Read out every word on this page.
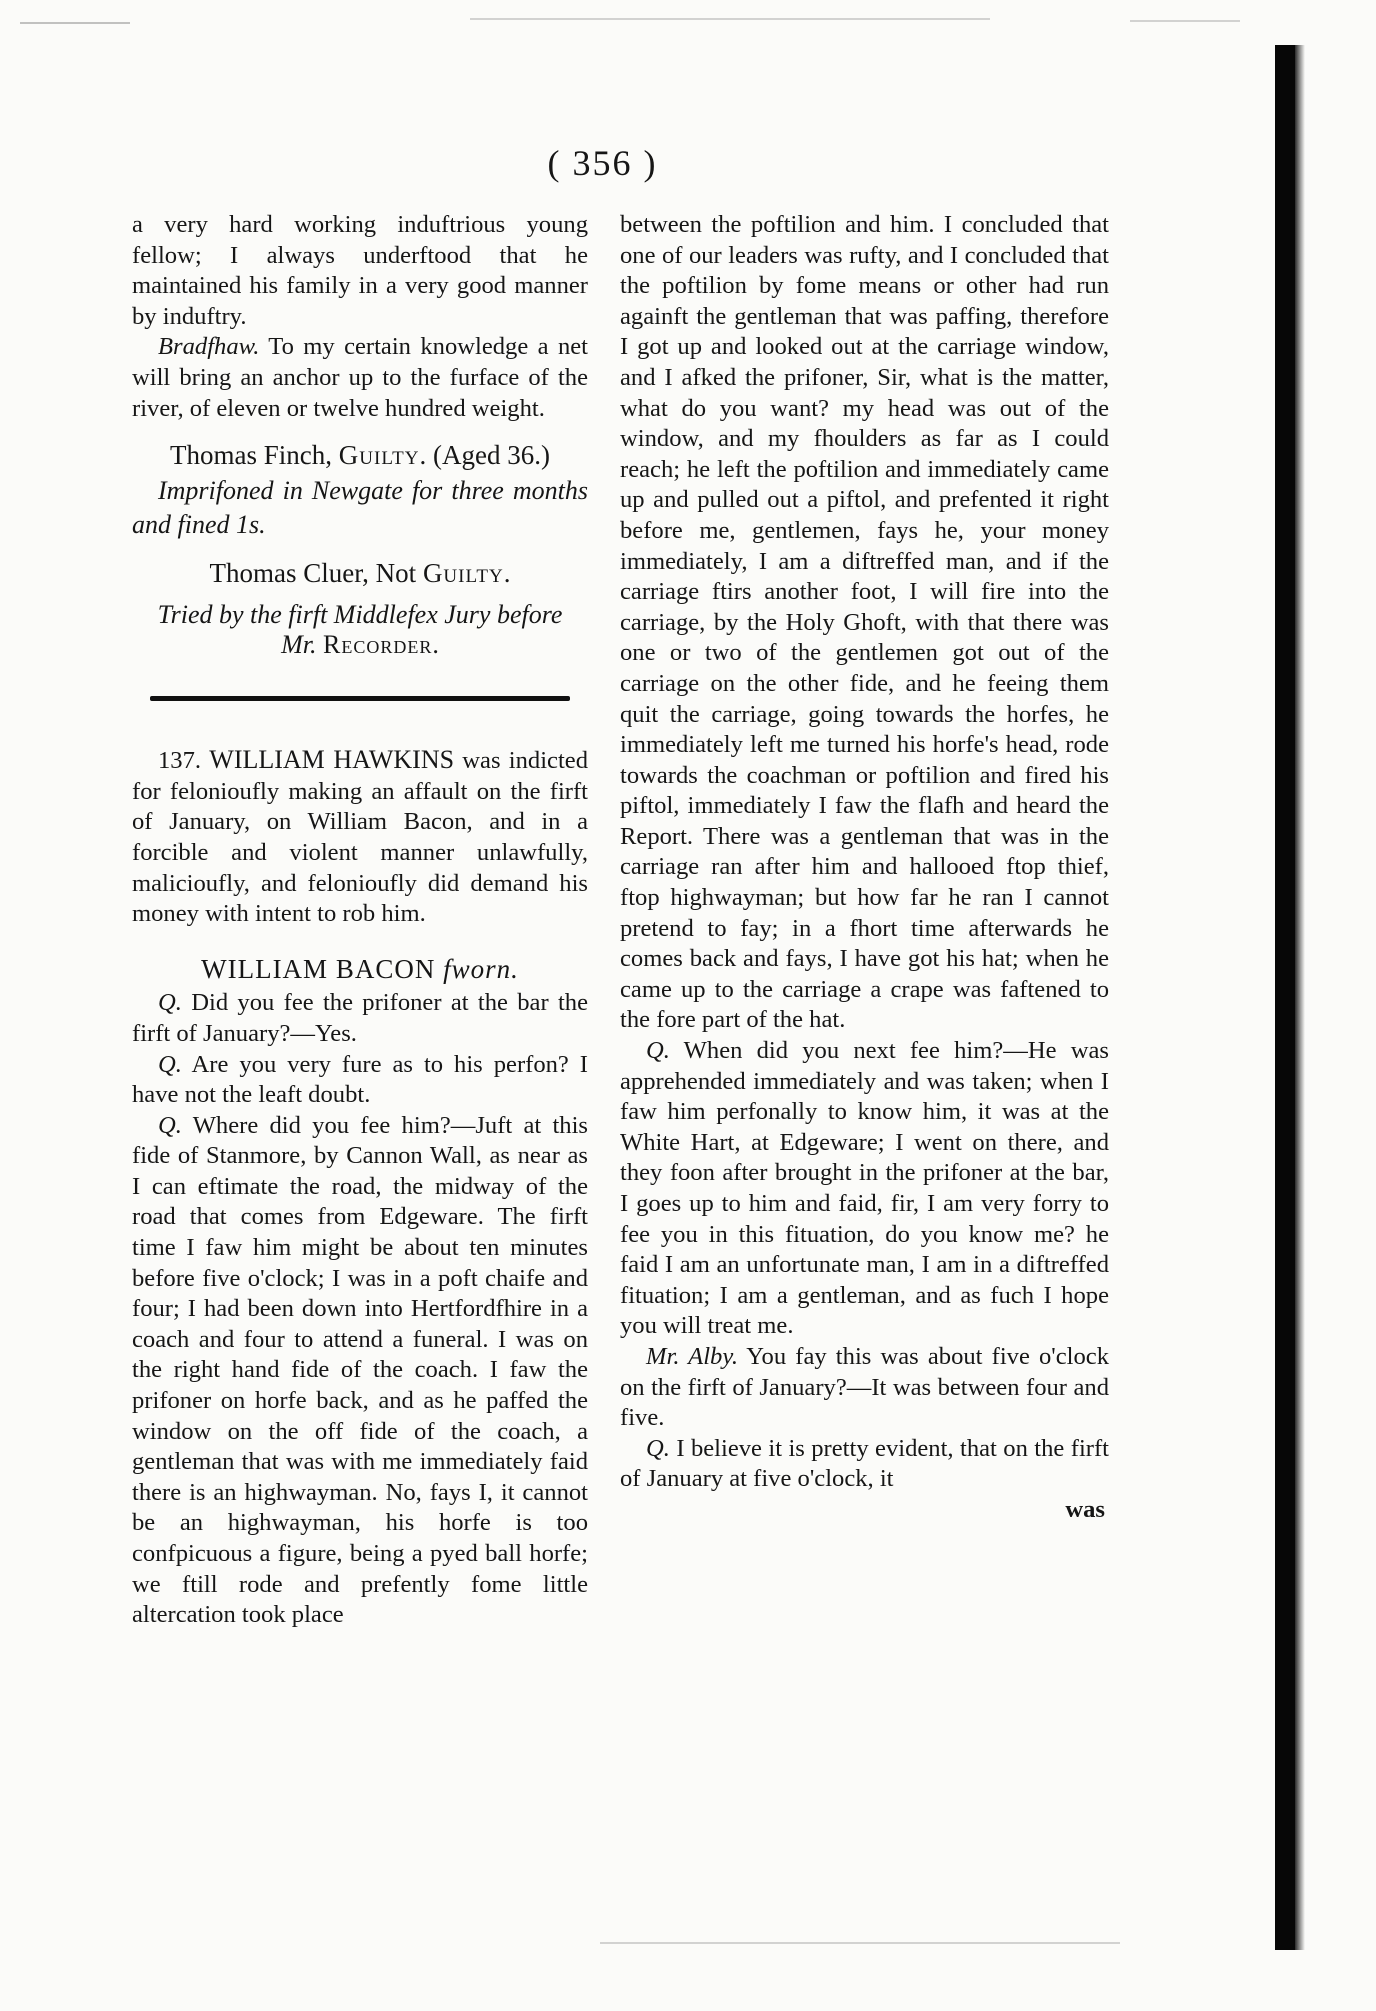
( 356 )

a very hard working induftrious young fellow; I always underftood that he maintained his family in a very good manner by induftry.

Bradfhaw. To my certain knowledge a net will bring an anchor up to the furface of the river, of eleven or twelve hundred weight.

Thomas Finch, Guilty. (Aged 36.)

Imprifoned in Newgate for three months and fined 1s.

Thomas Cluer, Not Guilty.

Tried by the firft Middlefex Jury before
Mr. Recorder.

137. WILLIAM HAWKINS was indicted for felonioufly making an affault on the firft of January, on William Bacon, and in a forcible and violent manner unlawfully, malicioufly, and felonioufly did demand his money with intent to rob him.

WILLIAM BACON fworn.

Q. Did you fee the prifoner at the bar the firft of January?—Yes.

Q. Are you very fure as to his perfon? I have not the leaft doubt.

Q. Where did you fee him?—Juft at this fide of Stanmore, by Cannon Wall, as near as I can eftimate the road, the midway of the road that comes from Edgeware. The firft time I faw him might be about ten minutes before five o'clock; I was in a poft chaife and four; I had been down into Hertfordfhire in a coach and four to attend a funeral. I was on the right hand fide of the coach. I faw the prifoner on horfe back, and as he paffed the window on the off fide of the coach, a gentleman that was with me immediately faid there is an highwayman. No, fays I, it cannot be an highwayman, his horfe is too confpicuous a figure, being a pyed ball horfe; we ftill rode and prefently fome little altercation took place

between the poftilion and him. I concluded that one of our leaders was rufty, and I concluded that the poftilion by fome means or other had run againft the gentleman that was paffing, therefore I got up and looked out at the carriage window, and I afked the prifoner, Sir, what is the matter, what do you want? my head was out of the window, and my fhoulders as far as I could reach; he left the poftilion and immediately came up and pulled out a piftol, and prefented it right before me, gentlemen, fays he, your money immediately, I am a diftreffed man, and if the carriage ftirs another foot, I will fire into the carriage, by the Holy Ghoft, with that there was one or two of the gentlemen got out of the carriage on the other fide, and he feeing them quit the carriage, going towards the horfes, he immediately left me turned his horfe's head, rode towards the coachman or poftilion and fired his piftol, immediately I faw the flafh and heard the Report. There was a gentleman that was in the carriage ran after him and hallooed ftop thief, ftop highwayman; but how far he ran I cannot pretend to fay; in a fhort time afterwards he comes back and fays, I have got his hat; when he came up to the carriage a crape was faftened to the fore part of the hat.

Q. When did you next fee him?—He was apprehended immediately and was taken; when I faw him perfonally to know him, it was at the White Hart, at Edgeware; I went on there, and they foon after brought in the prifoner at the bar, I goes up to him and faid, fir, I am very forry to fee you in this fituation, do you know me? he faid I am an unfortunate man, I am in a diftreffed fituation; I am a gentleman, and as fuch I hope you will treat me.

Mr. Alby. You fay this was about five o'clock on the firft of January?—It was between four and five.

Q. I believe it is pretty evident, that on the firft of January at five o'clock, it

was
